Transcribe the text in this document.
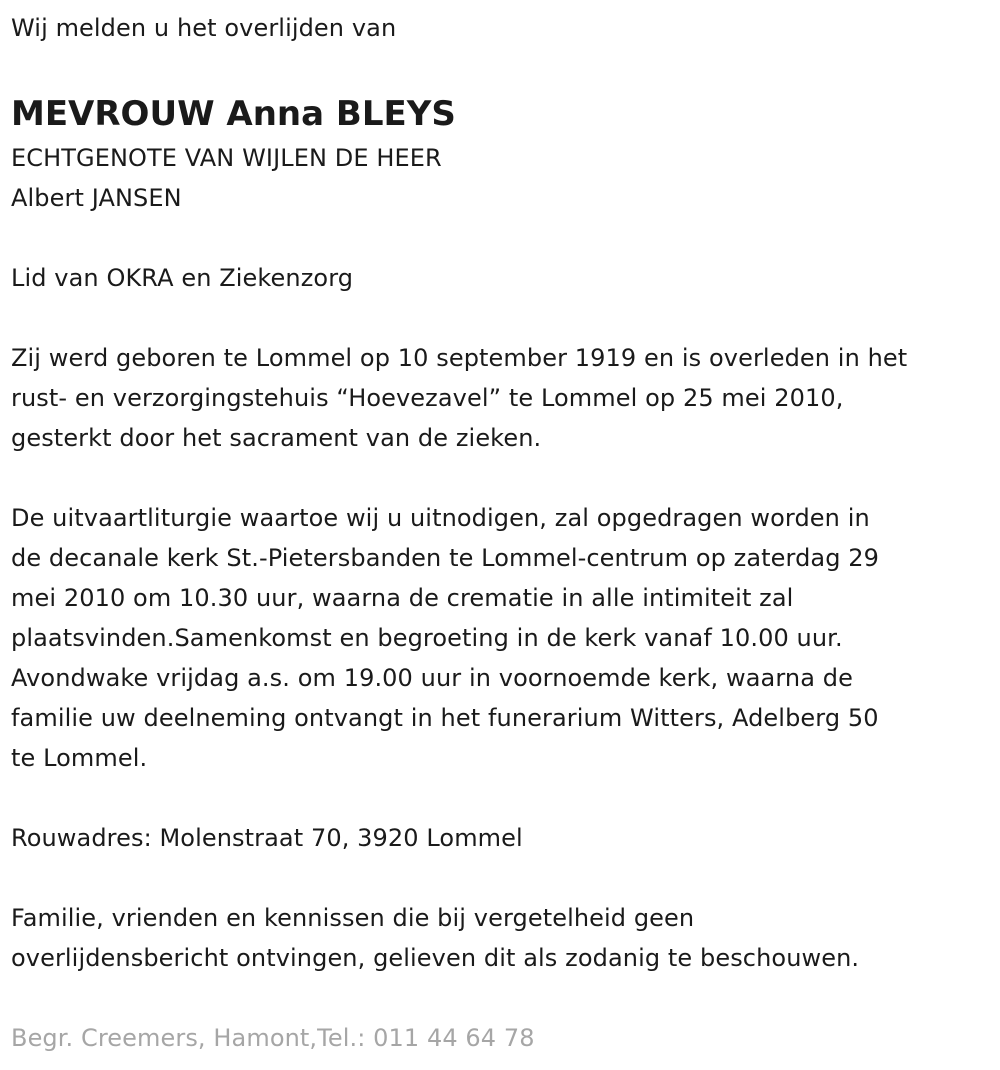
Wij melden u het overlijden van
MEVROUW Anna BLEYS
ECHTGENOTE VAN WIJLEN DE HEER
Albert JANSEN
Lid van OKRA en Ziekenzorg
Zij werd geboren te Lommel op 10 september 1919 en is overleden in het
rust- en verzorgingstehuis “Hoevezavel” te Lommel op 25 mei 2010,
gesterkt door het sacrament van de zieken.
De uitvaartliturgie waartoe wij u uitnodigen, zal opgedragen worden in
de decanale kerk St.-Pietersbanden te Lommel-centrum op zaterdag 29
mei 2010 om 10.30 uur, waarna de crematie in alle intimiteit zal
plaatsvinden.Samenkomst en begroeting in de kerk vanaf 10.00 uur.
Avondwake vrijdag a.s. om 19.00 uur in voornoemde kerk, waarna de
familie uw deelneming ontvangt in het funerarium Witters, Adelberg 50
te Lommel.
Rouwadres: Molenstraat 70, 3920 Lommel
Familie, vrienden en kennissen die bij vergetelheid geen
overlijdensbericht ontvingen, gelieven dit als zodanig te beschouwen.
Begr. Creemers, Hamont,Tel.: 011 44 64 78
